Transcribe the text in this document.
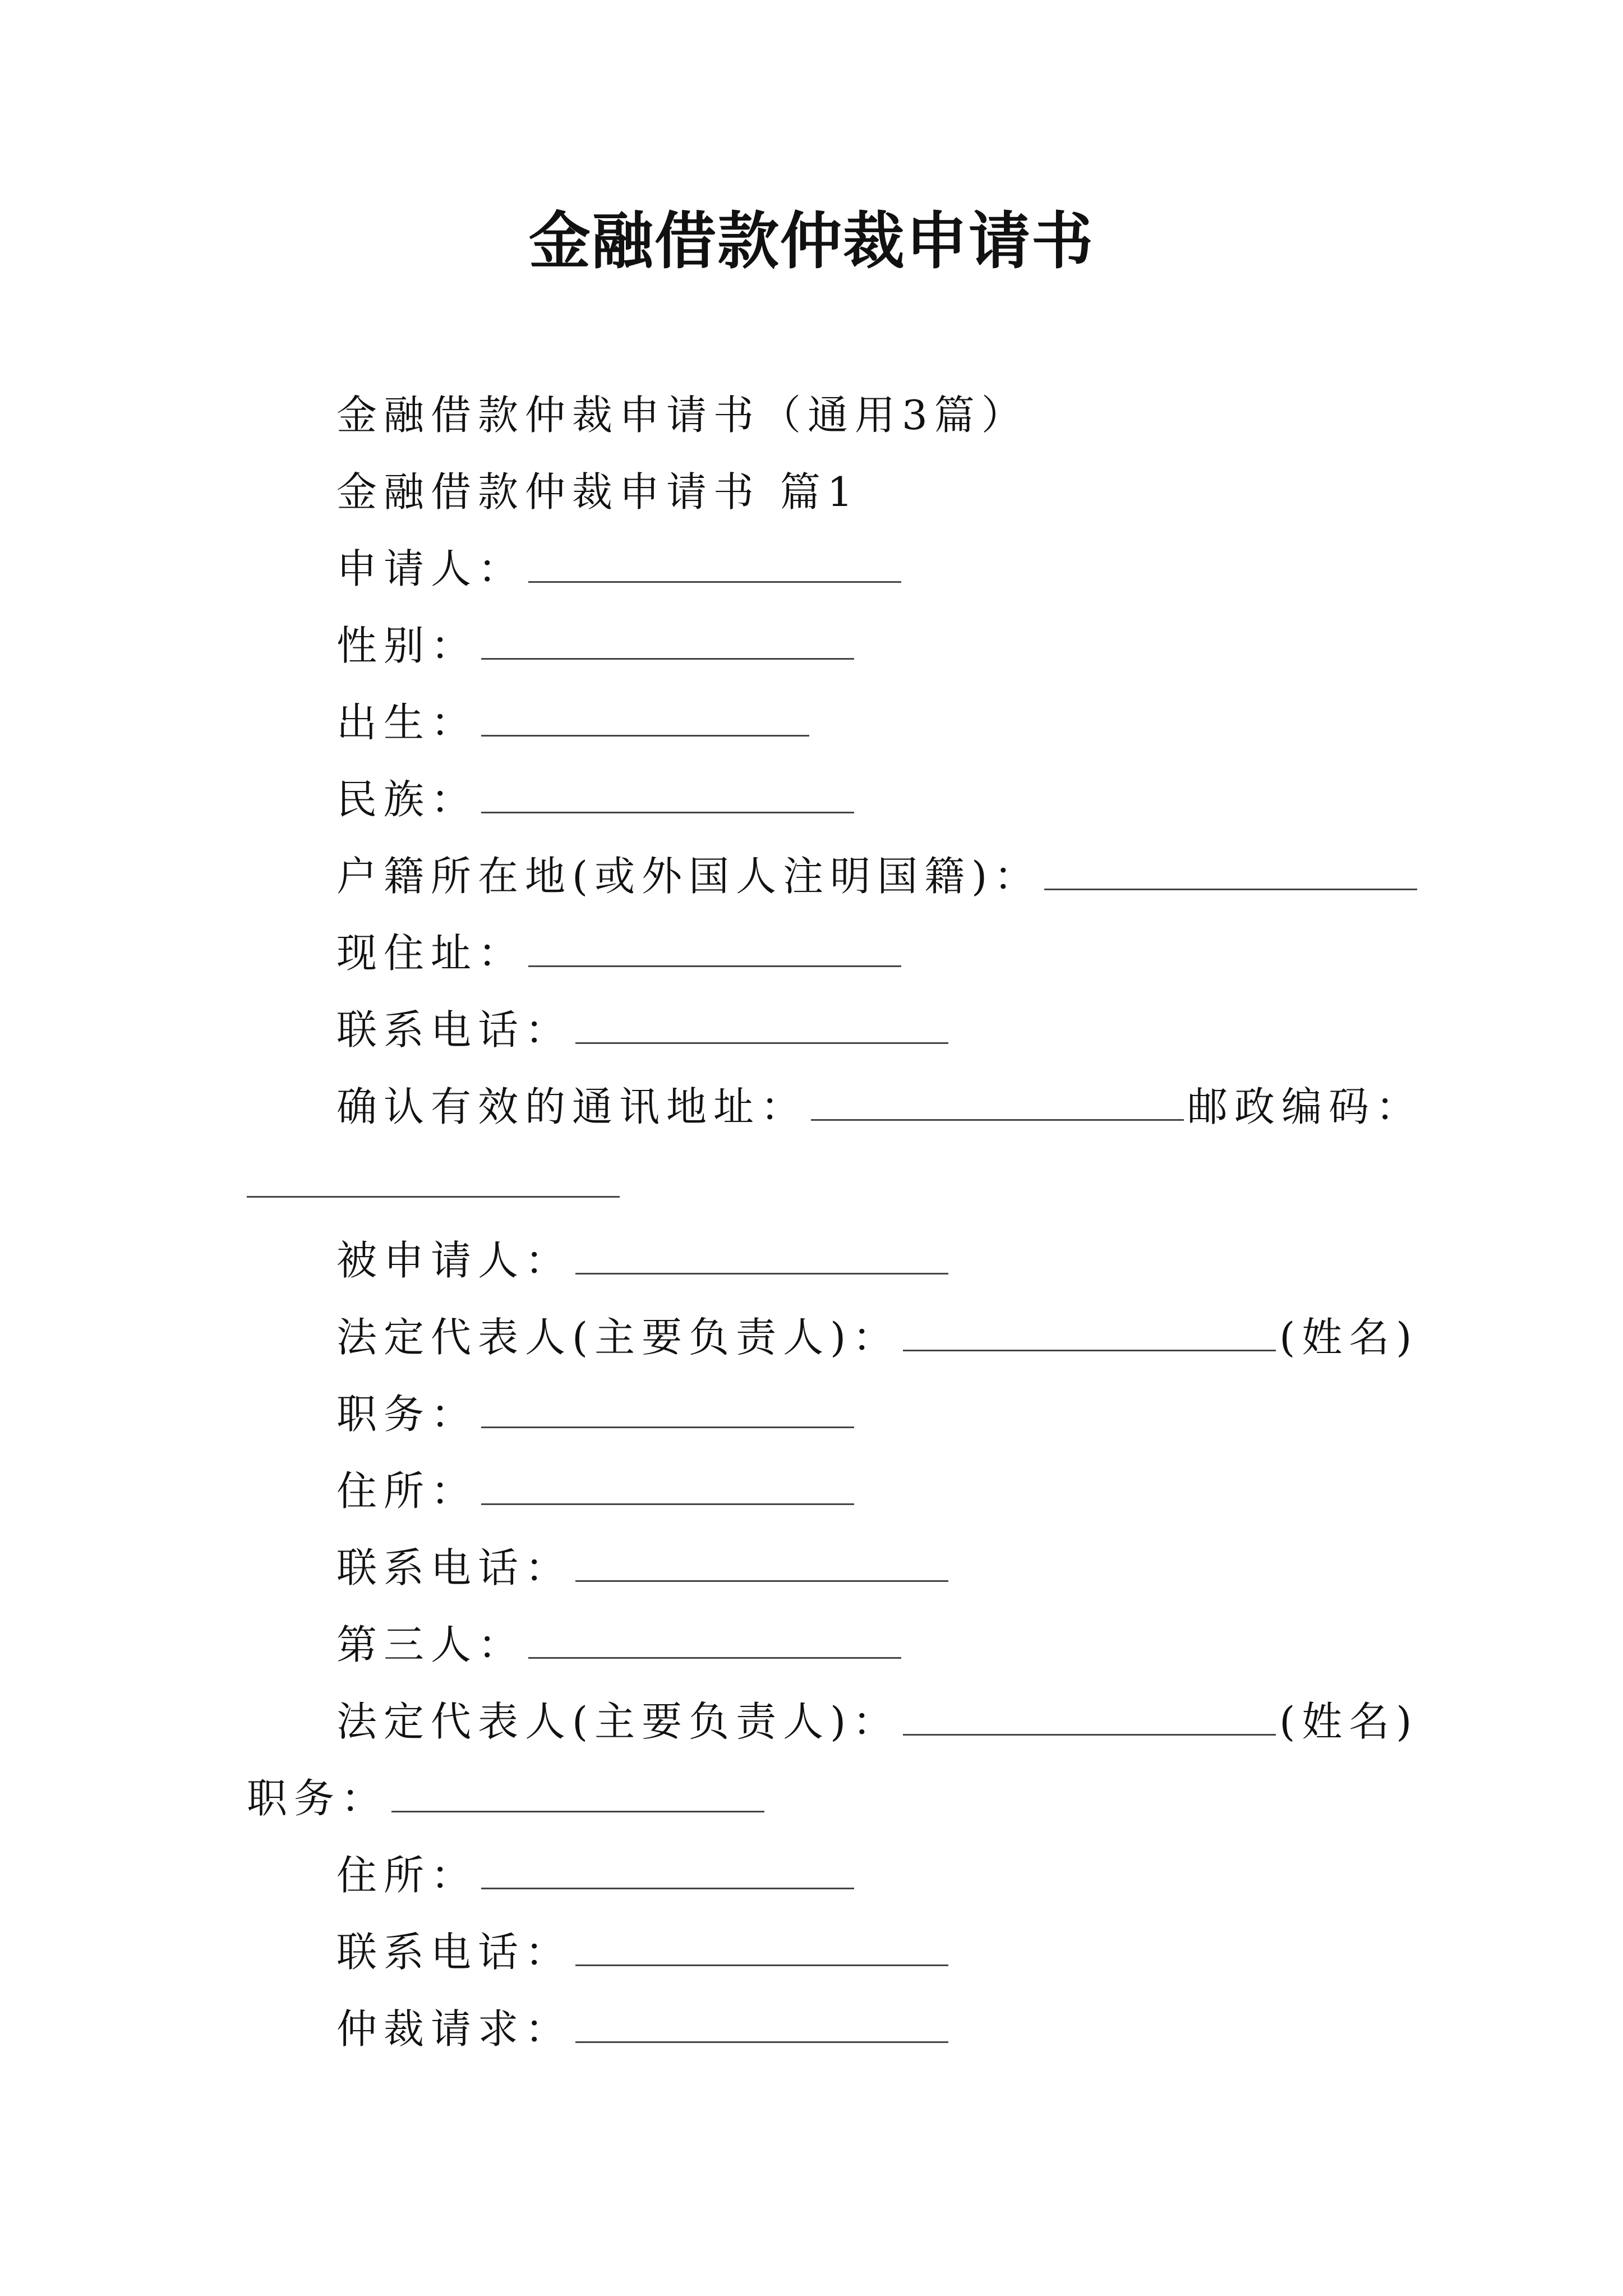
金融借款仲裁申请书
金融借款仲裁申请书（通用3篇）
金融借款仲裁申请书 篇1
申请人：
性别：
出生：
民族：
户籍所在地(或外国人注明国籍)：
现住址：
联系电话：
确认有效的通讯地址：	邮政编码：
被申请人：
法定代表人(主要负责人)：	(姓名)
职务：
住所：
联系电话：
第三人：
法定代表人(主要负责人)：	(姓名)
职务：
住所：
联系电话：
仲裁请求：
